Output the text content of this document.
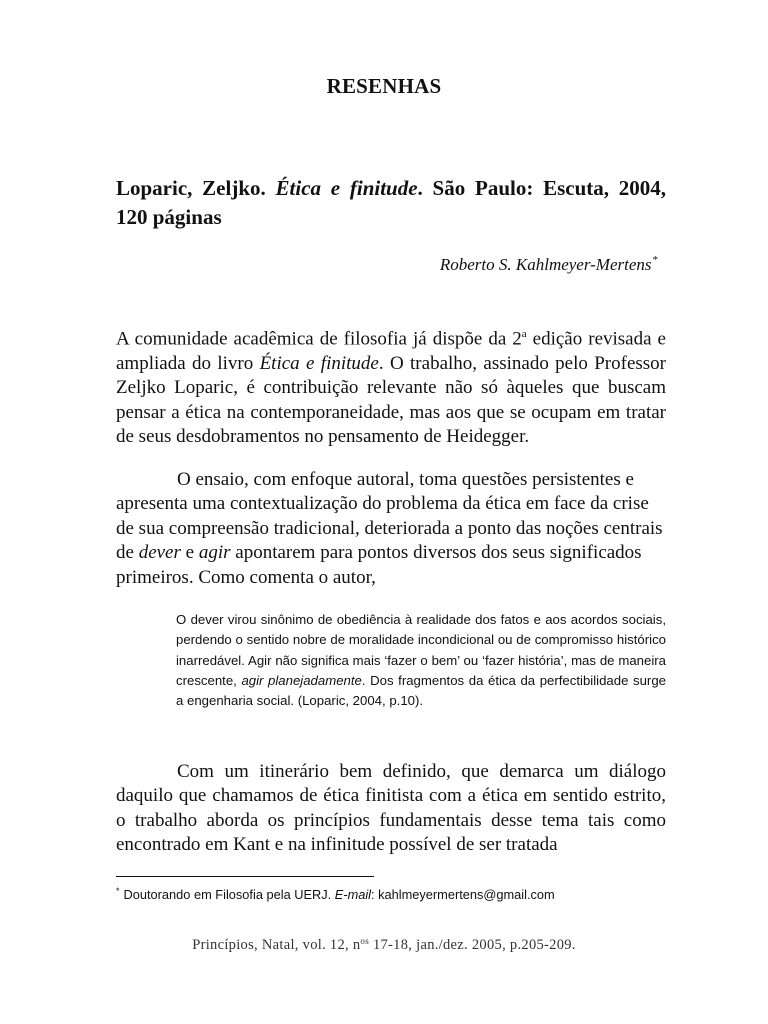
RESENHAS
Loparic, Zeljko. Ética e finitude. São Paulo: Escuta, 2004, 120 páginas
Roberto S. Kahlmeyer-Mertens*

A comunidade acadêmica de filosofia já dispõe da 2$^a$ edição revisada e ampliada do livro Ética e finitude. O trabalho, assinado pelo Professor Zeljko Loparic, é contribuição relevante não só àqueles que buscam pensar a ética na contemporaneidade, mas aos que se ocupam em tratar de seus desdobramentos no pensamento de Heidegger.

O ensaio, com enfoque autoral, toma questões persistentes e apresenta uma contextualização do problema da ética em face da crise de sua compreensão tradicional, deteriorada a ponto das noções centrais de dever e agir apontarem para pontos diversos dos seus significados primeiros. Como comenta o autor,

O dever virou sinônimo de obediência à realidade dos fatos e aos acordos sociais, perdendo o sentido nobre de moralidade incondicional ou de compromisso histórico inarredável. Agir não significa mais ‘fazer o bem’ ou ‘fazer história’, mas de maneira crescente, agir planejadamente. Dos fragmentos da ética da perfectibilidade surge a engenharia social. (Loparic, 2004, p.10).

Com um itinerário bem definido, que demarca um diálogo daquilo que chamamos de ética finitista com a ética em sentido estrito, o trabalho aborda os princípios fundamentais desse tema tais como encontrado em Kant e na infinitude possível de ser tratada

* Doutorando em Filosofia pela UERJ. E-mail: kahlmeyermertens@gmail.com
Princípios, Natal, vol. 12, $n^{os}$ 17-18, jan./dez. 2005, p.205-209.
